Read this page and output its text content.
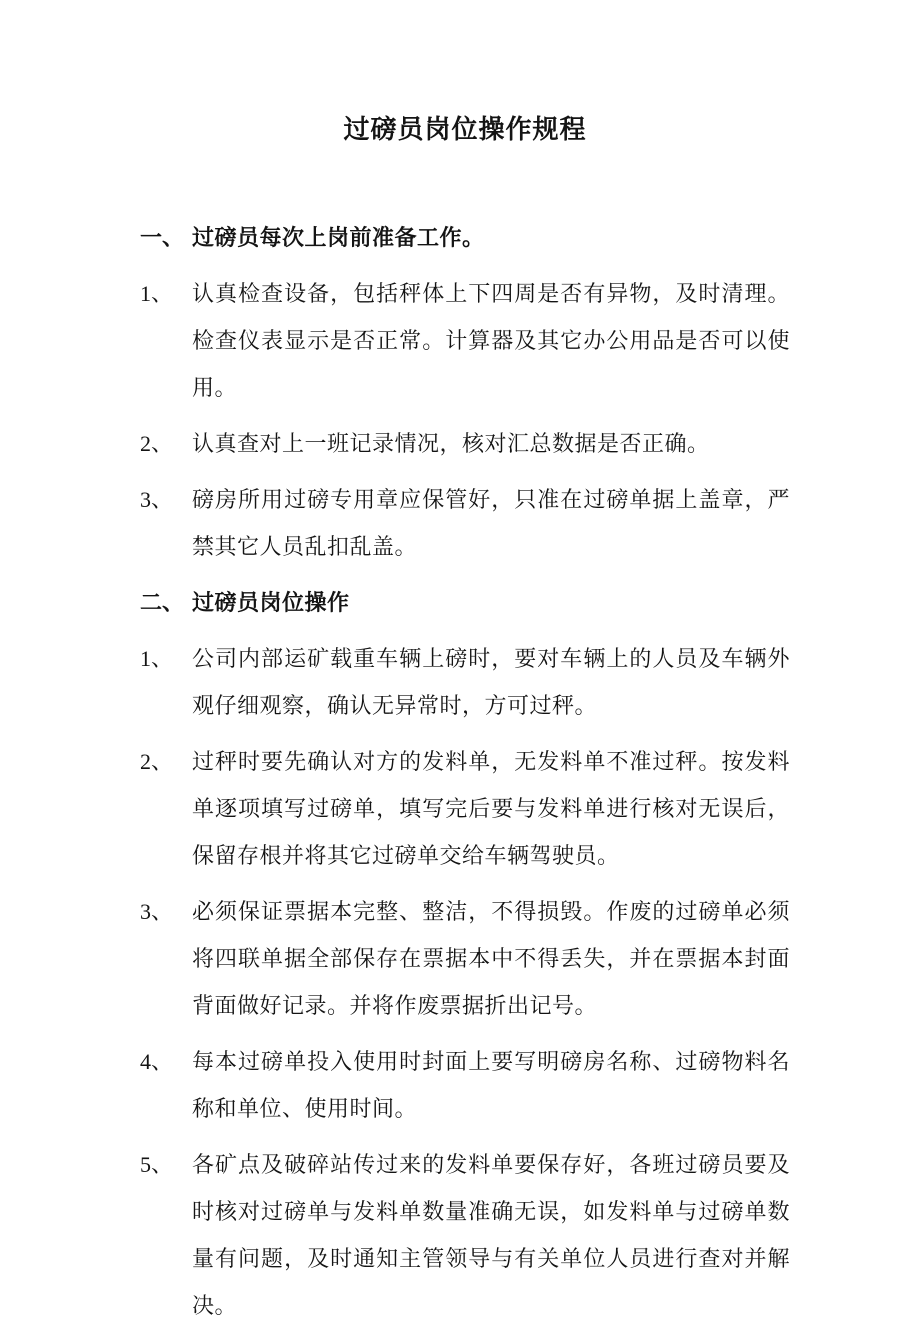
过磅员岗位操作规程
一、 过磅员每次上岗前准备工作。
1、 认真检查设备，包括秤体上下四周是否有异物，及时清理。检查仪表显示是否正常。计算器及其它办公用品是否可以使用。
2、 认真查对上一班记录情况，核对汇总数据是否正确。
3、 磅房所用过磅专用章应保管好，只准在过磅单据上盖章，严禁其它人员乱扣乱盖。
二、 过磅员岗位操作
1、 公司内部运矿载重车辆上磅时，要对车辆上的人员及车辆外观仔细观察，确认无异常时，方可过秤。
2、 过秤时要先确认对方的发料单，无发料单不准过秤。按发料单逐项填写过磅单，填写完后要与发料单进行核对无误后，保留存根并将其它过磅单交给车辆驾驶员。
3、 必须保证票据本完整、整洁，不得损毁。作废的过磅单必须将四联单据全部保存在票据本中不得丢失，并在票据本封面背面做好记录。并将作废票据折出记号。
4、 每本过磅单投入使用时封面上要写明磅房名称、过磅物料名称和单位、使用时间。
5、 各矿点及破碎站传过来的发料单要保存好，各班过磅员要及时核对过磅单与发料单数量准确无误，如发料单与过磅单数量有问题，及时通知主管领导与有关单位人员进行查对并解决。
